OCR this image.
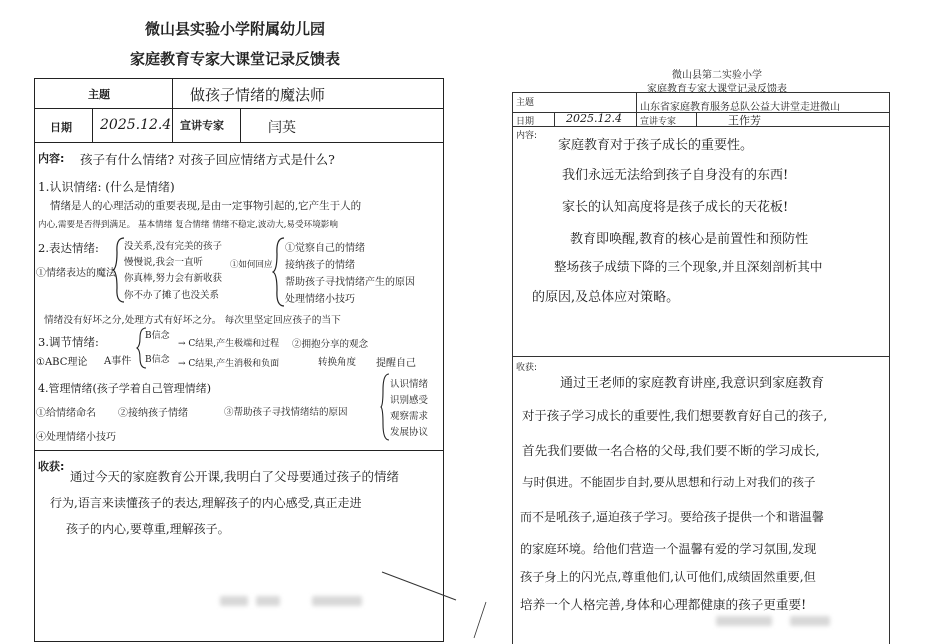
微山县实验小学附属幼儿园
家庭教育专家大课堂记录反馈表
主题	做孩子情绪的魔法师
日期 2025.12.4 宣讲专家	闫英
内容: 孩子有什么情绪? 对孩子回应情绪方式是什么?
1.认识情绪: (什么是情绪)
情绪是人的心理活动的重要表现,是由一定事物引起的,它产生于人的
内心,需要是否得到满足。 基本情绪 复合情绪 情绪不稳定,波动大,易受环境影响
2.表达情绪:	没关系,没有完美的孩子
慢慢说,我会一直听
你真棒,努力会有新收获
你不办了摊了也没关系
①情绪表达的魔法
①如何回应
①觉察自己的情绪
接纳孩子的情绪
帮助孩子寻找情绪产生的原因
处理情绪小技巧
情绪没有好坏之分,处理方式有好坏之分。 每次里坚定回应孩子的当下
3.调节情绪:	B信念
①ABC理论 A事件
→ C结果,产生极端和过程 ②拥抱分享的观念
B信念 → C结果,产生消极和负面	转换角度 提醒自己
4.管理情绪(孩子学着自己管理情绪)
①给情绪命名 ②接纳孩子情绪	③帮助孩子寻找情绪结的原因
④处理情绪小技巧
认识情绪
识别感受
观察需求
发展协议
收获:
通过今天的家庭教育公开课,我明白了父母要通过孩子的情绪
行为,语言来读懂孩子的表达,理解孩子的内心感受,真正走进
孩子的内心,要尊重,理解孩子。
微山县第二实验小学
家庭教育专家大课堂记录反馈表
主题	山东省家庭教育服务总队公益大讲堂走进微山
日期	2025.12.4 宣讲专家	王作芳
内容:
家庭教育对于孩子成长的重要性。
我们永远无法给到孩子自身没有的东西!
家长的认知高度将是孩子成长的天花板!
教育即唤醒,教育的核心是前置性和预防性
整场孩子成绩下降的三个现象,并且深刻剖析其中
的原因,及总体应对策略。
收获:
通过王老师的家庭教育讲座,我意识到家庭教育
对于孩子学习成长的重要性,我们想要教育好自己的孩子,
首先我们要做一名合格的父母,我们要不断的学习成长,
与时俱进。不能固步自封,要从思想和行动上对我们的孩子
而不是吼孩子,逼迫孩子学习。要给孩子提供一个和谐温馨
的家庭环境。给他们营造一个温馨有爱的学习氛围,发现
孩子身上的闪光点,尊重他们,认可他们,成绩固然重要,但
培养一个人格完善,身体和心理都健康的孩子更重要!
